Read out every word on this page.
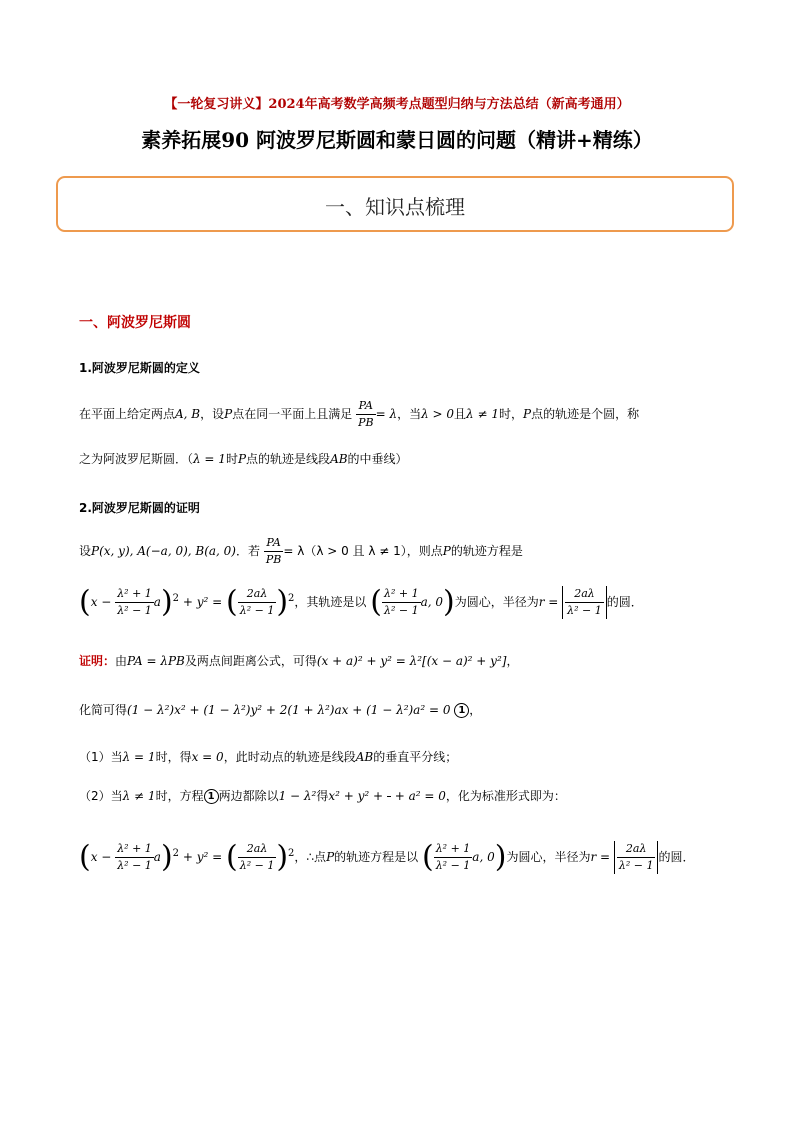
【一轮复习讲义】2024年高考数学高频考点题型归纳与方法总结（新高考通用）
素养拓展90 阿波罗尼斯圆和蒙日圆的问题（精讲+精练）
一、知识点梳理
一、阿波罗尼斯圆
1.阿波罗尼斯圆的定义
在平面上给定两点A, B，设P点在同一平面上且满足 $\frac{PA}{PB} = \lambda$，当λ > 0且λ ≠ 1时，P点的轨迹是个圆，称
之为阿波罗尼斯圆．（λ = 1时P点的轨迹是线段AB的中垂线）
2.阿波罗尼斯圆的证明
设P(x, y), A(−a, 0), B(a, 0)．若 $\frac{PA}{PB} = \lambda(\lambda > 0$ 且 λ ≠ 1），则点P的轨迹方程是
$(x - \frac{\text{λ² + 1}}{\text{λ² − 1}} a)^2 + y^2$ = ( $\frac{2a\lambda}{\text{λ² − 1}} )^2$，其轨迹是以 ( $\frac{\text{λ² + 1}}{\text{λ² − 1}} a$, 0)为圆心，半径为$r = \frac{2a\lambda}{\text{λ² − 1}}$ 的圆．
证明：由PA = λPB及两点间距离公式，可得(x + a)² + y² = λ²[(x − a)² + y²]，
化简可得(1 − λ²)x² + (1 − λ²)y² + 2(1 + λ²)ax + (1 − λ²)a² = 0 1 ，
（1）当λ = 1时，得x = 0，此时动点的轨迹是线段AB的垂直平分线；
（2）当λ ≠ 1时，方程 1 两边都除以1 − λ²得x² + y² + + a² = 0，化为标准形式即为：
$(x - \frac{\text{λ² + 1}}{\text{λ² − 1}} a)^2 + y^2$ = ( $\frac{2a\lambda}{\text{λ² − 1}} )^2$，∴点P的轨迹方程是以 ( $\frac{\text{λ² + 1}}{\text{λ² − 1}} a$, 0)为圆心，半径为$r = \frac{2a\lambda}{\text{λ² − 1}}$ 的圆．
